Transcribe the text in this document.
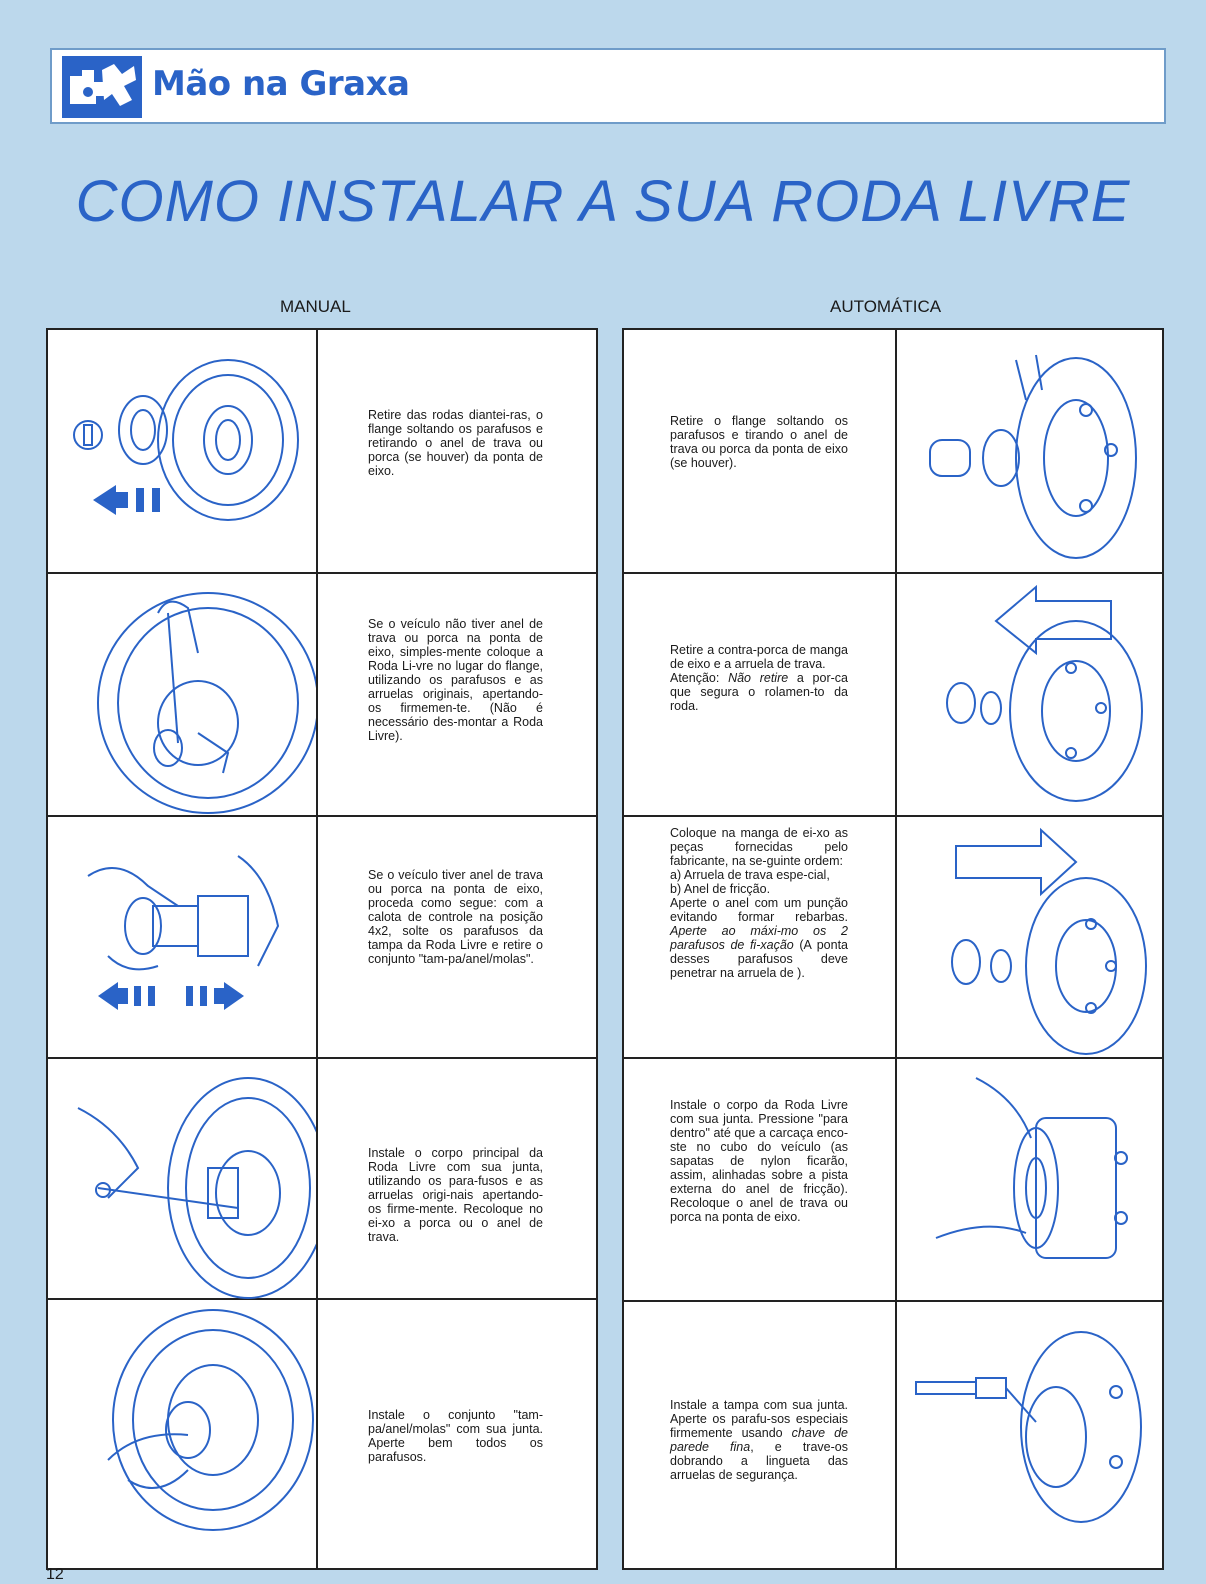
Mão na Graxa
COMO INSTALAR A SUA RODA LIVRE
MANUAL	AUTOMÁTICA
Retire das rodas diantei-ras, o flange soltando os parafusos e retirando o anel de trava ou porca (se houver) da ponta de eixo.
Se o veículo não tiver anel de trava ou porca na ponta de eixo, simples-mente coloque a Roda Li-vre no lugar do flange, utilizando os parafusos e as arruelas originais, apertando-os firmemen-te. (Não é necessário des-montar a Roda Livre).
Se o veículo tiver anel de trava ou porca na ponta de eixo, proceda como segue: com a calota de controle na posição 4x2, solte os parafusos da tampa da Roda Livre e retire o conjunto "tam-pa/anel/molas".
Instale o corpo principal da Roda Livre com sua junta, utilizando os para-fusos e as arruelas origi-nais apertando-os firme-mente. Recoloque no ei-xo a porca ou o anel de trava.
Instale o conjunto "tam-pa/anel/molas" com sua junta. Aperte bem todos os parafusos.
Retire o flange soltando os parafusos e tirando o anel de trava ou porca da ponta de eixo (se houver).
Retire a contra-porca de manga de eixo e a arruela de trava.
Atenção: Não retire a por-ca que segura o rolamen-to da roda.
Coloque na manga de ei-xo as peças fornecidas pelo fabricante, na se-guinte ordem:
a) Arruela de trava espe-cial,
b) Anel de fricção.
Aperte o anel com um punção evitando formar rebarbas. Aperte ao máxi-mo os 2 parafusos de fi-xação (A ponta desses parafusos deve penetrar na arruela de ).
Instale o corpo da Roda Livre com sua junta. Pressione "para dentro" até que a carcaça enco-ste no cubo do veículo (as sapatas de nylon ficarão, assim, alinhadas sobre a pista externa do anel de fricção). Recoloque o anel de trava ou porca na ponta de eixo.
Instale a tampa com sua junta. Aperte os parafu-sos especiais firmemente usando chave de parede fina, e trave-os dobrando a lingueta das arruelas de segurança.
12
